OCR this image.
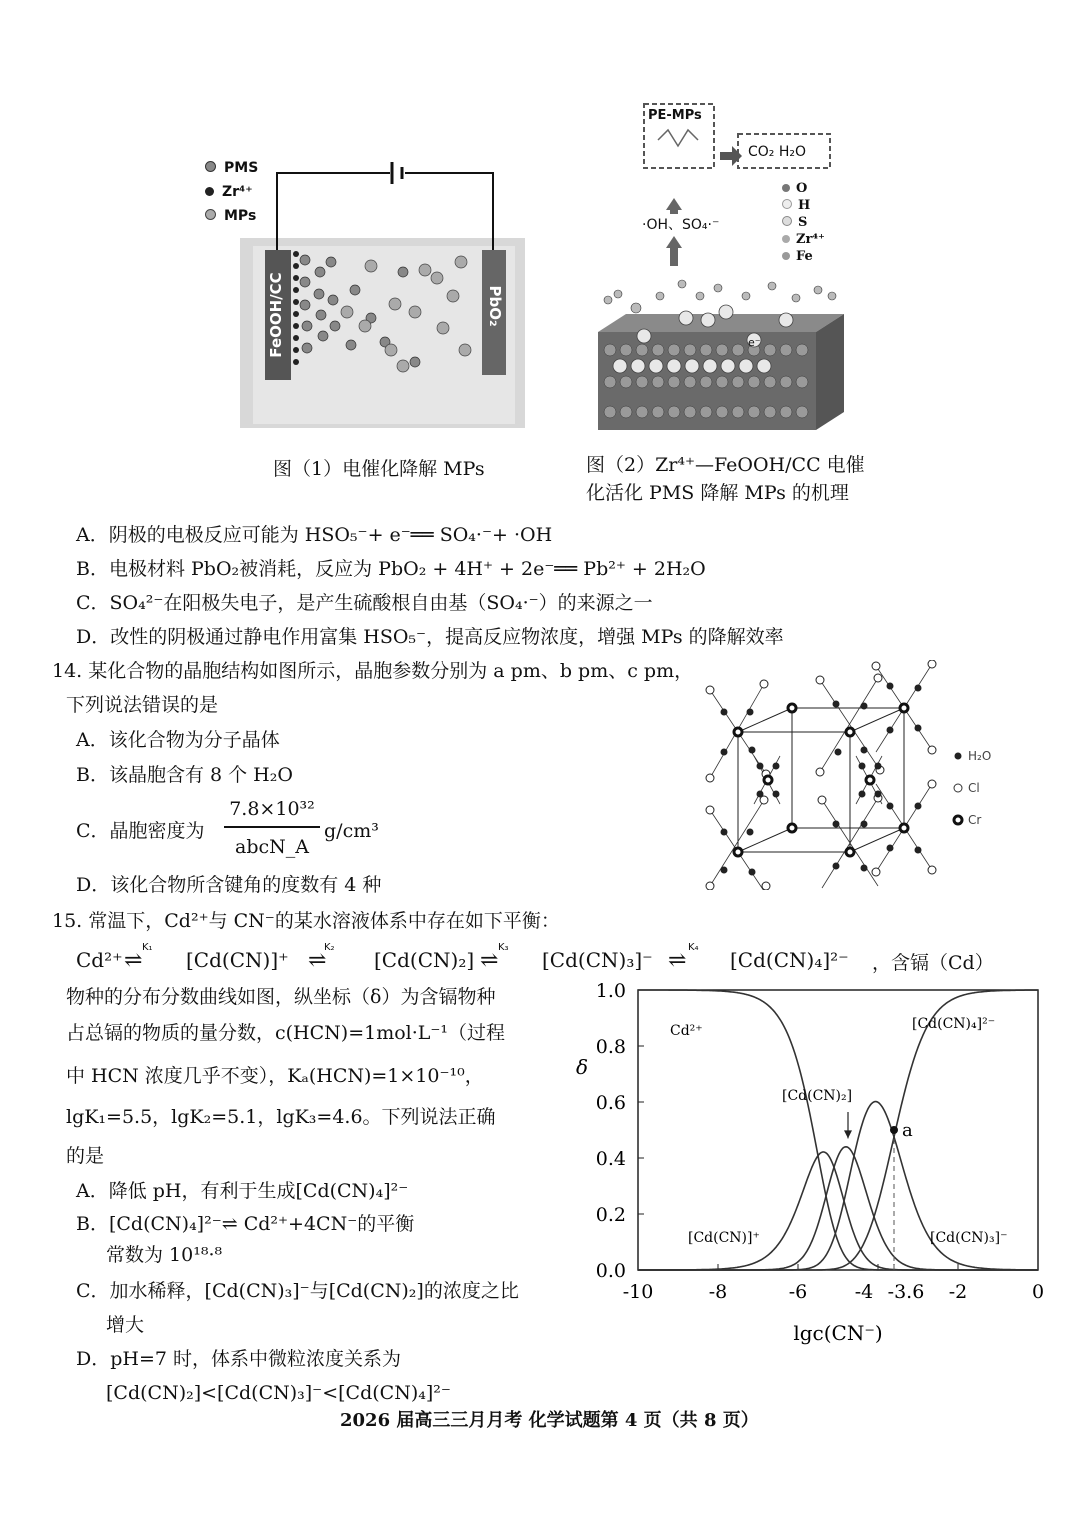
PMS
Zr⁴⁺
MPs
FeOOH/CC	PbO₂
图（1）电催化降解 MPs
PE-MPs
CO₂ H₂O
·OH、SO₄·⁻
O
H
S
Zr⁴⁺
Fe
e⁻
图（2）Zr⁴⁺—FeOOH/CC 电催
化活化 PMS 降解 MPs 的机理
A．阴极的电极反应可能为 HSO₅⁻+ e⁻══ SO₄·⁻+ ·OH
B．电极材料 PbO₂被消耗，反应为 PbO₂ + 4H⁺ + 2e⁻══ Pb²⁺ + 2H₂O
C．SO₄²⁻在阳极失电子，是产生硫酸根自由基（SO₄·⁻）的来源之一
D．改性的阴极通过静电作用富集 HSO₅⁻，提高反应物浓度，增强 MPs 的降解效率
14. 某化合物的晶胞结构如图所示，晶胞参数分别为 a pm、b pm、c pm，
下列说法错误的是
A．该化合物为分子晶体
B．该晶胞含有 8 个 H₂O
C．晶胞密度为
7.8×10³²
abcN_A
g/cm³
D．该化合物所含键角的度数有 4 种
H₂O
Cl
Cr
15. 常温下，Cd²⁺与 CN⁻的某水溶液体系中存在如下平衡：
Cd²⁺
K₁
⇌ [Cd(CN)]⁺
K₂
⇌ [Cd(CN)₂]
K₃
⇌ [Cd(CN)₃]⁻
K₄
⇌ [Cd(CN)₄]²⁻ ，含镉（Cd）
物种的分布分数曲线如图，纵坐标（δ）为含镉物种
占总镉的物质的量分数，c(HCN)=1mol·L⁻¹（过程
中 HCN 浓度几乎不变），Kₐ(HCN)=1×10⁻¹⁰，
lgK₁=5.5，lgK₂=5.1，lgK₃=4.6。下列说法正确
的是
A．降低 pH，有利于生成[Cd(CN)₄]²⁻
B．[Cd(CN)₄]²⁻⇌ Cd²⁺+4CN⁻的平衡
常数为 10¹⁸·⁸
C．加水稀释，[Cd(CN)₃]⁻与[Cd(CN)₂]的浓度之比
增大
D．pH=7 时，体系中微粒浓度关系为
[Cd(CN)₂]<[Cd(CN)₃]⁻<[Cd(CN)₄]²⁻
0.0
0.2
0.4
0.6
0.8
1.0
-10	-8	-6 -4 -3.6 -2	0
lgc(CN⁻)
δ
Cd²⁺
[Cd(CN)]⁺
[Cd(CN)₂]
[Cd(CN)₃]⁻
[Cd(CN)₄]²⁻
a
2026 届高三三月月考 化学试题第 4 页（共 8 页）
